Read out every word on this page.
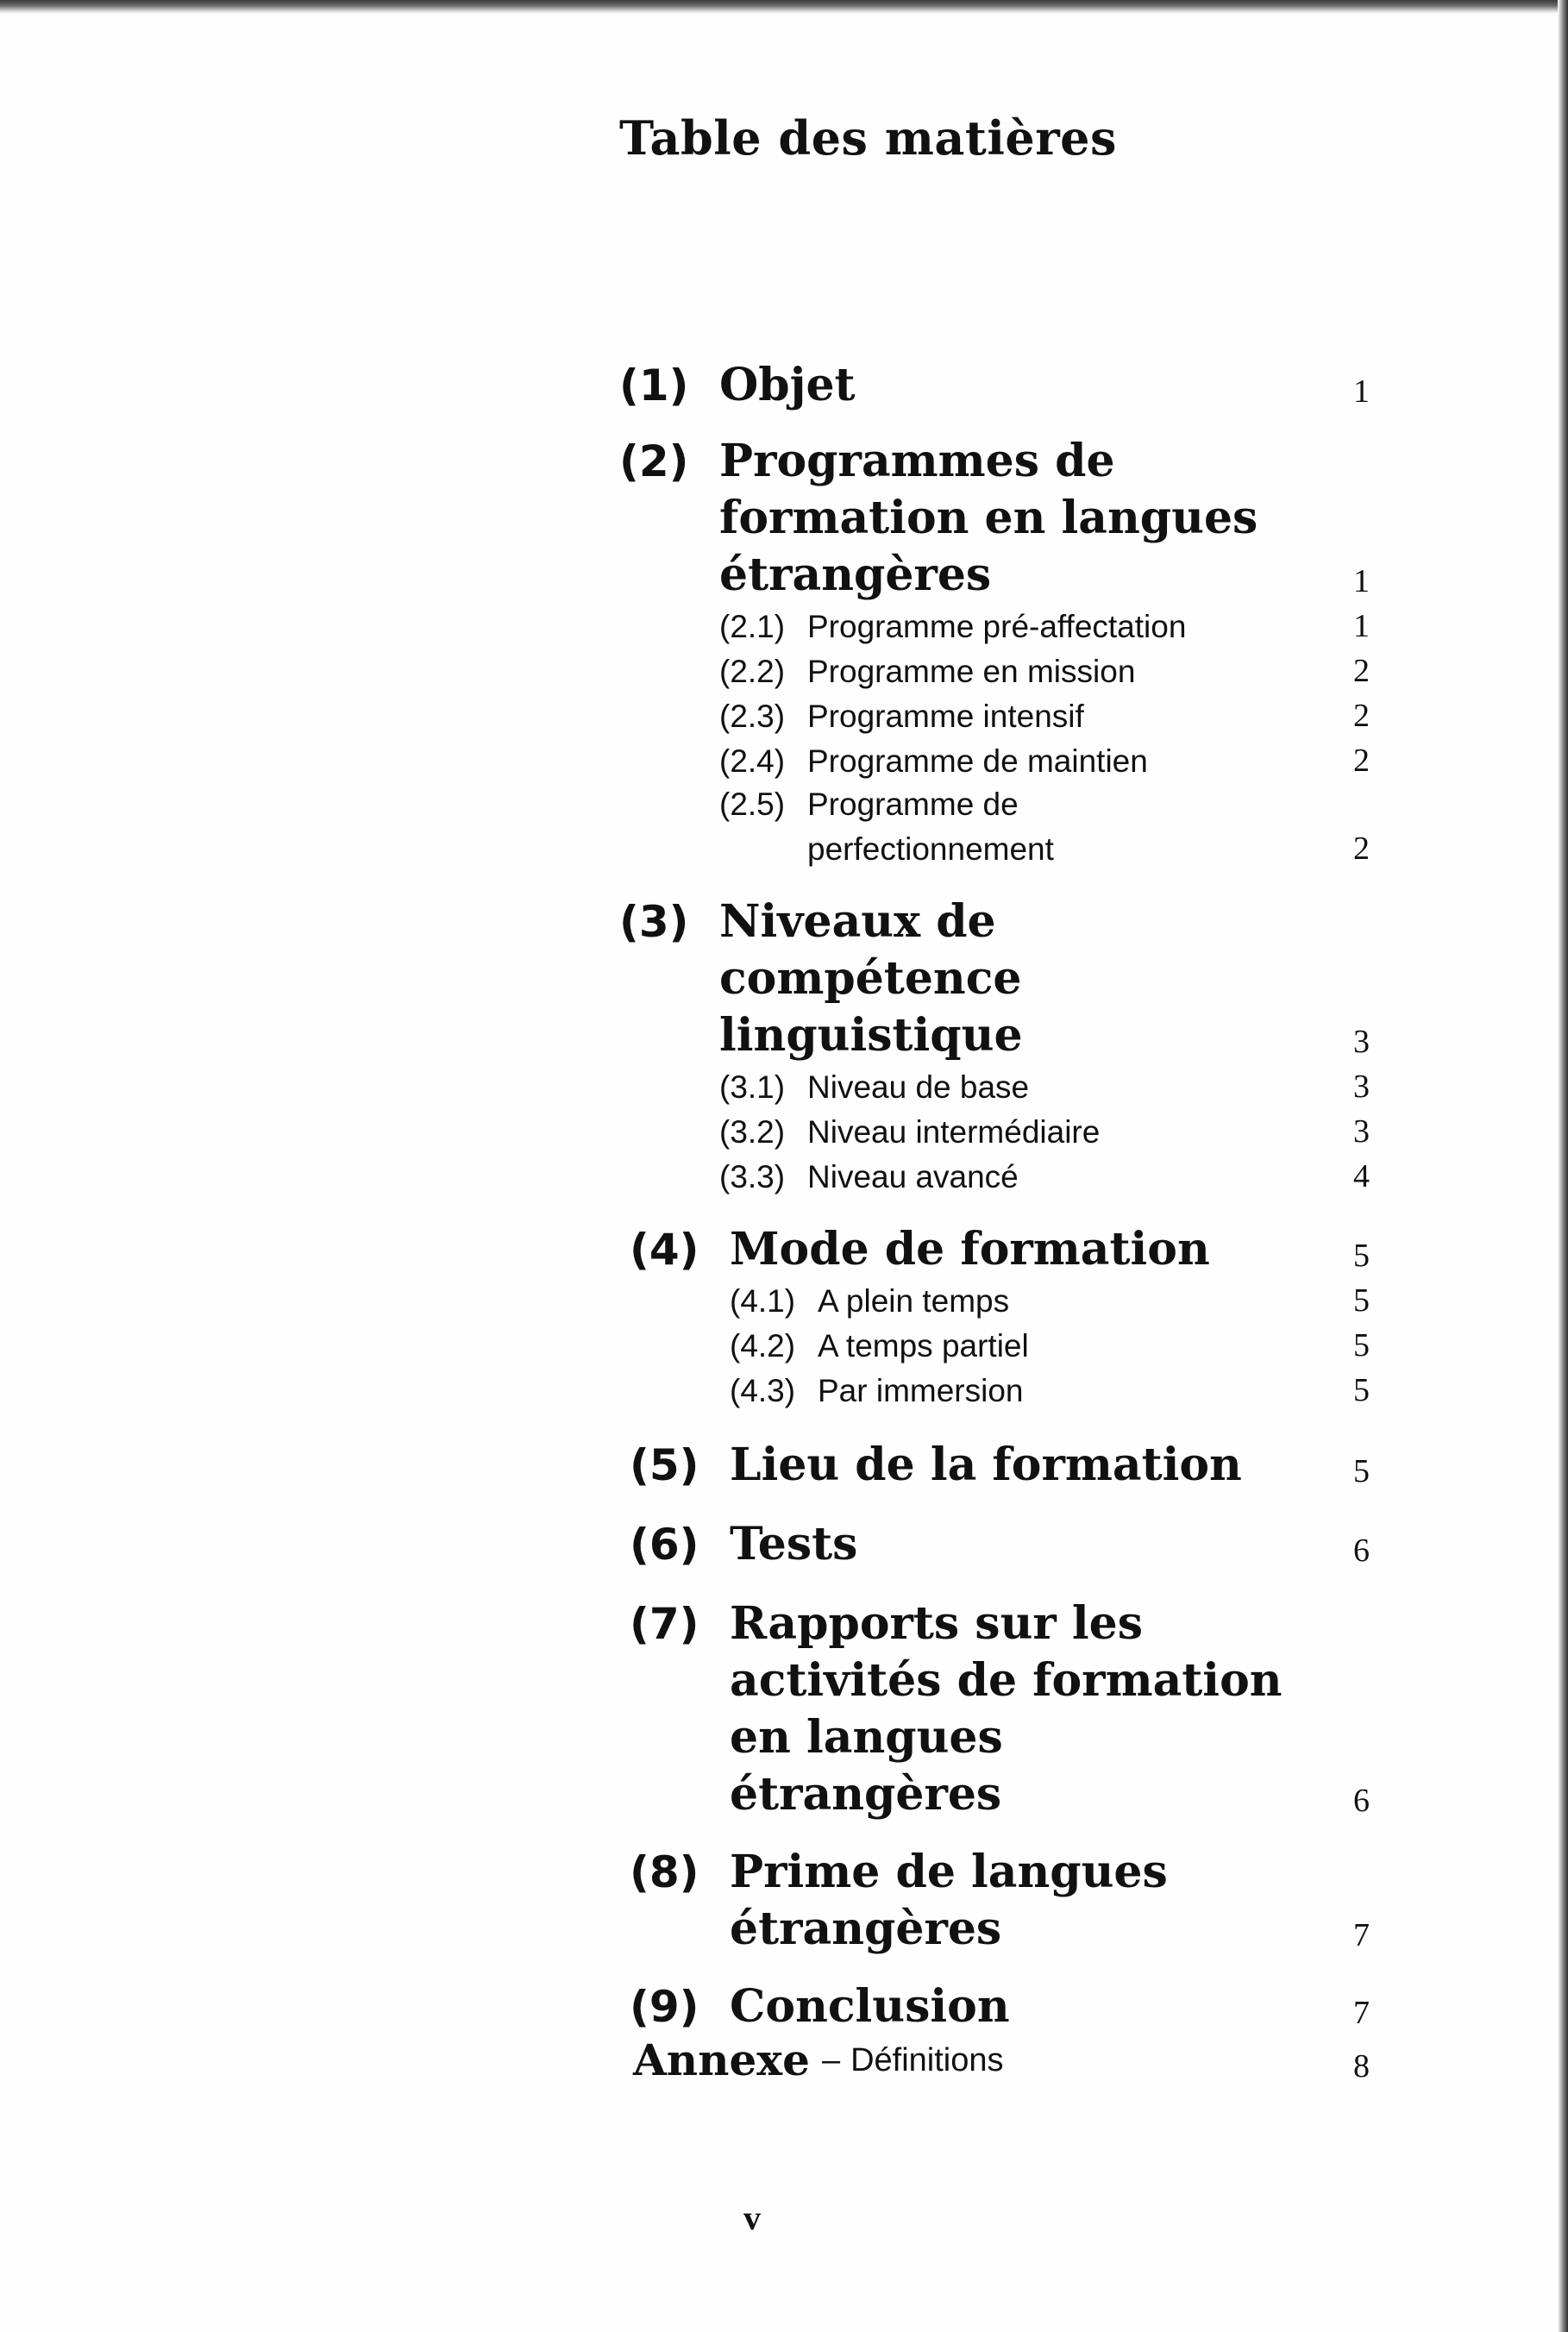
Table des matières
(1) Objet	1
(2) Programmes de
formation en langues
étrangères	1
(2.1) Programme pré-affectation	1
(2.2) Programme en mission	2
(2.3) Programme intensif	2
(2.4) Programme de maintien	2
(2.5) Programme de
perfectionnement	2
(3) Niveaux de
compétence
linguistique	3
(3.1) Niveau de base	3
(3.2) Niveau intermédiaire	3
(3.3) Niveau avancé	4
(4) Mode de formation	5
(4.1) A plein temps	5
(4.2) A temps partiel	5
(4.3) Par immersion	5
(5) Lieu de la formation	5
(6) Tests	6
(7) Rapports sur les
activités de formation
en langues
étrangères	6
(8) Prime de langues
étrangères	7
(9) Conclusion	7
Annexe – Définitions	8
v
